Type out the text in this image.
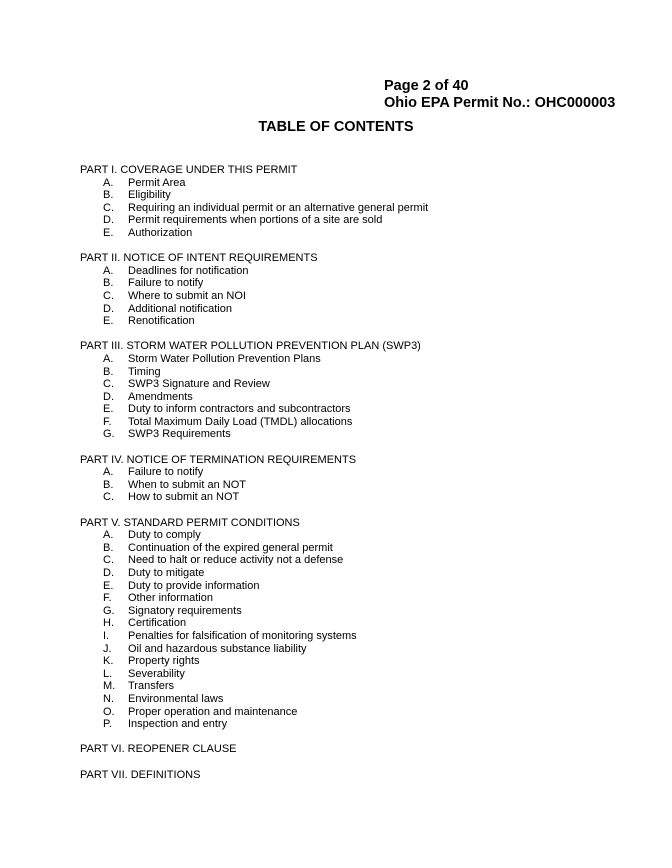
Page 2 of 40
Ohio EPA Permit No.: OHC000003
TABLE OF CONTENTS
PART I. COVERAGE UNDER THIS PERMIT
A.	Permit Area
B.	Eligibility
C.	Requiring an individual permit or an alternative general permit
D.	Permit requirements when portions of a site are sold
E.	Authorization
PART II. NOTICE OF INTENT REQUIREMENTS
A.	Deadlines for notification
B.	Failure to notify
C.	Where to submit an NOI
D.	Additional notification
E.	Renotification
PART III. STORM WATER POLLUTION PREVENTION PLAN (SWP3)
A.	Storm Water Pollution Prevention Plans
B.	Timing
C.	SWP3 Signature and Review
D.	Amendments
E.	Duty to inform contractors and subcontractors
F.	Total Maximum Daily Load (TMDL) allocations
G.	SWP3 Requirements
PART IV. NOTICE OF TERMINATION REQUIREMENTS
A.	Failure to notify
B.	When to submit an NOT
C.	How to submit an NOT
PART V. STANDARD PERMIT CONDITIONS
A.	Duty to comply
B.	Continuation of the expired general permit
C.	Need to halt or reduce activity not a defense
D.	Duty to mitigate
E.	Duty to provide information
F.	Other information
G.	Signatory requirements
H.	Certification
I.	Penalties for falsification of monitoring systems
J.	Oil and hazardous substance liability
K.	Property rights
L.	Severability
M.	Transfers
N.	Environmental laws
O.	Proper operation and maintenance
P.	Inspection and entry
PART VI. REOPENER CLAUSE
PART VII. DEFINITIONS
